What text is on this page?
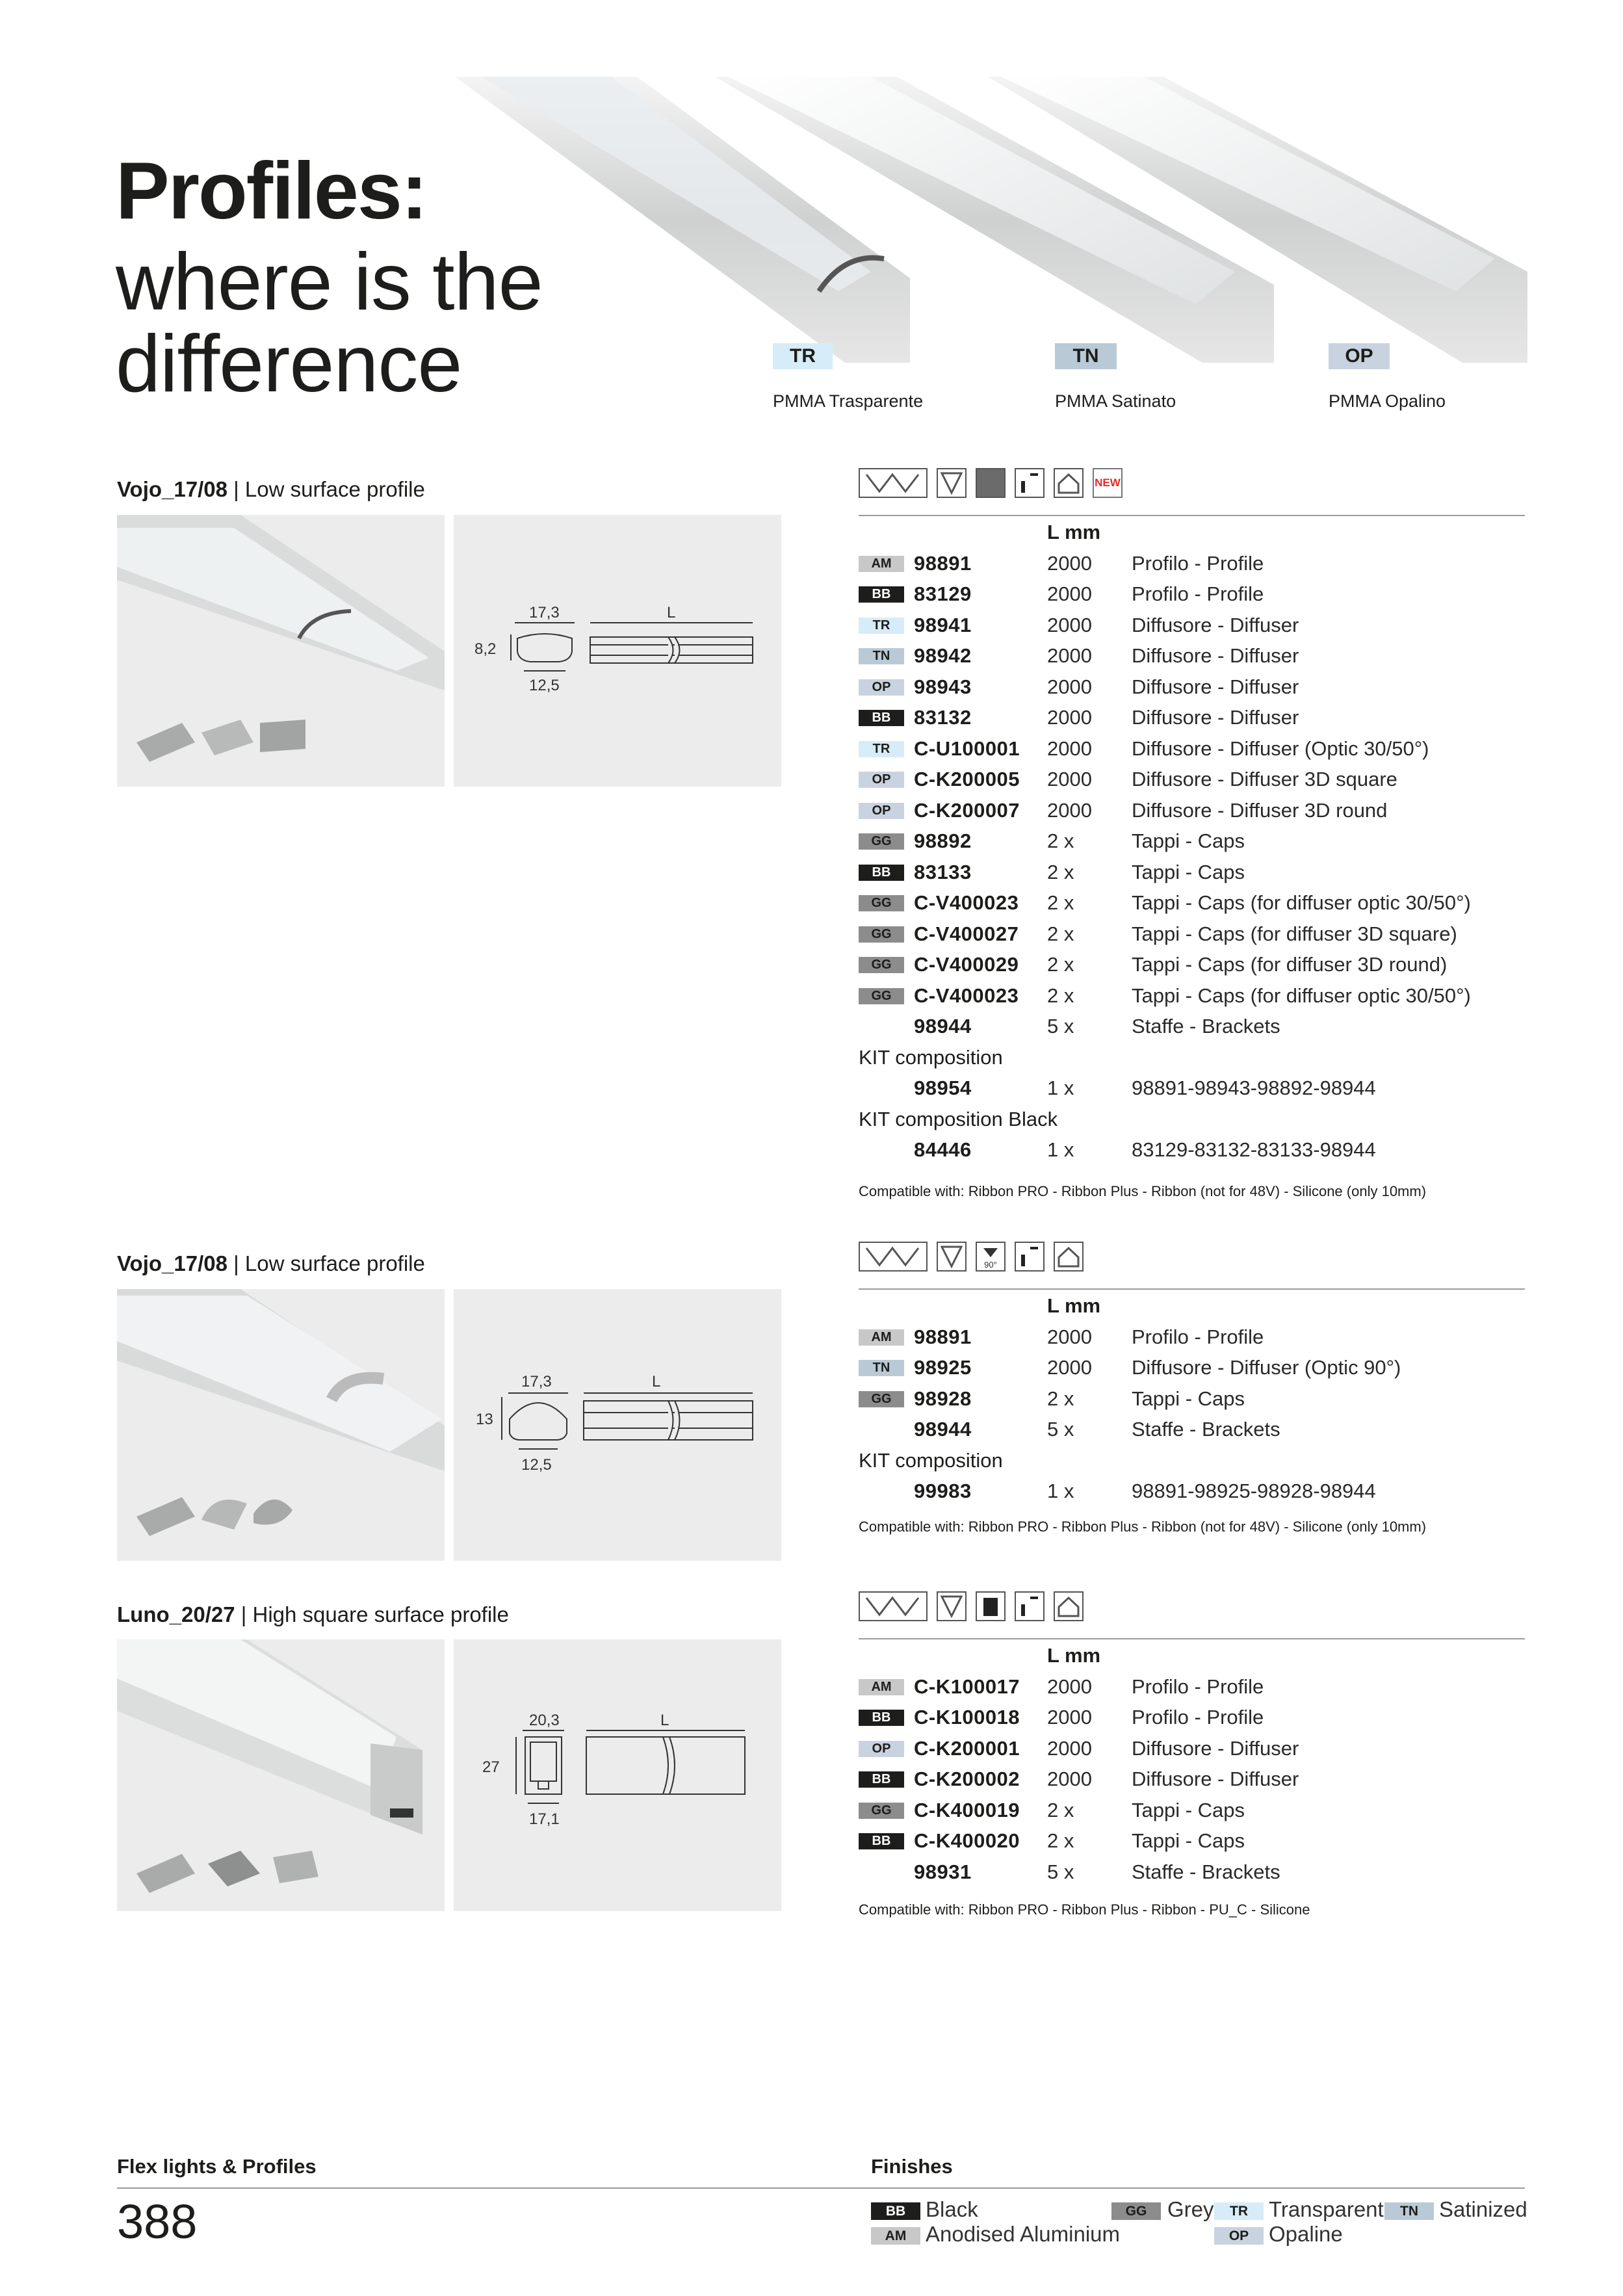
Profiles:
where is the
difference	TR	TN	OP
PMMA Trasparente	PMMA Satinato	PMMA Opalino
Vojo_17/08 | Low surface profile
17,3
8,2
12,5
L
NEW
L mm
AM	98891	2000 Profilo - Profile
BB	83129	2000 Profilo - Profile
TR	98941	2000 Diffusore - Diffuser
TN	98942	2000 Diffusore - Diffuser
OP	98943	2000 Diffusore - Diffuser
BB	83132	2000 Diffusore - Diffuser
TR	C-U100001 2000 Diffusore - Diffuser (Optic 30/50°)
OP	C-K200005 2000 Diffusore - Diffuser 3D square
OP	C-K200007 2000 Diffusore - Diffuser 3D round
GG	98892	2 x	Tappi - Caps
BB	83133	2 x	Tappi - Caps
GG	C-V400023 2 x	Tappi - Caps (for diffuser optic 30/50°)
GG	C-V400027 2 x	Tappi - Caps (for diffuser 3D square)
GG	C-V400029 2 x	Tappi - Caps (for diffuser 3D round)
GG	C-V400023 2 x	Tappi - Caps (for diffuser optic 30/50°)
98944	5 x	Staffe - Brackets
KIT composition
98954	1 x	98891-98943-98892-98944
KIT composition Black
84446	1 x	83129-83132-83133-98944
Compatible with: Ribbon PRO - Ribbon Plus - Ribbon (not for 48V) - Silicone (only 10mm)
Vojo_17/08 | Low surface profile
17,3
13
12,5
L
90°
L mm
AM	98891	2000 Profilo - Profile
TN	98925	2000 Diffusore - Diffuser (Optic 90°)
GG	98928	2 x	Tappi - Caps
98944	5 x	Staffe - Brackets
KIT composition
99983	1 x	98891-98925-98928-98944
Compatible with: Ribbon PRO - Ribbon Plus - Ribbon (not for 48V) - Silicone (only 10mm)
Luno_20/27 | High square surface profile
20,3
27
17,1
L
L mm
AM	C-K100017 2000 Profilo - Profile
BB	C-K100018 2000 Profilo - Profile
OP	C-K200001 2000 Diffusore - Diffuser
BB	C-K200002 2000 Diffusore - Diffuser
GG	C-K400019 2 x	Tappi - Caps
BB	C-K400020 2 x	Tappi - Caps
98931	5 x	Staffe - Brackets
Compatible with: Ribbon PRO - Ribbon Plus - Ribbon - PU_C - Silicone
Flex lights & Profiles
388
Finishes
BB Black
AM Anodised Aluminium
GG Grey	TR Transparent
OP Opaline
TN Satinized
